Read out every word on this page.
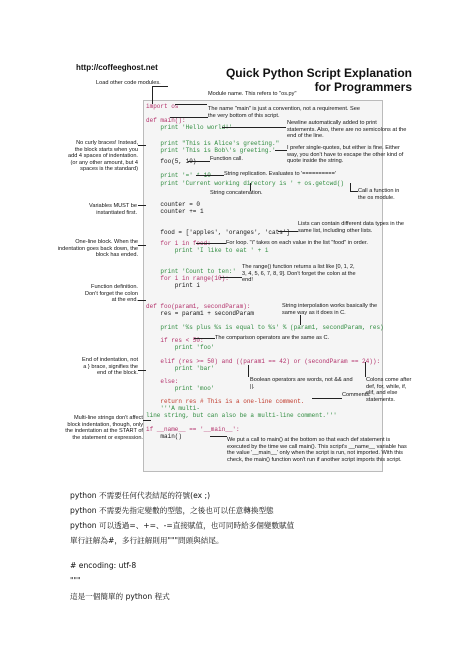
http://coffeeghost.net	Quick Python Script Explanation
for Programmers
import os
def main():
print 'Hello world!'
print "This is Alice's greeting."
print 'This is Bob\'s greeting.'
foo(5, 10)
print '=' * 10
print 'Current working directory is ' + os.getcwd()
counter = 0
counter += 1
food = ['apples', 'oranges', 'cats']
for i in food:
print 'I like to eat ' + i
print 'Count to ten:'
for i in range(10):
print i
def foo(param1, secondParam):
res = param1 + secondParam
print '%s plus %s is equal to %s' % (param1, secondParam, res)
if res < 50:
print 'foo'
elif (res >= 50) and ((param1 == 42) or (secondParam == 24)):
print 'bar'
else:
print 'moo'
return res # This is a one-line comment.
'''A multi-
line string, but can also be a multi-line comment.'''
if __name__ == '__main__':
main()
Load other code modules.
Module name. This refers to "os.py"
The name "main" is just a convention, not a requirement. See the very bottom of this script.
Newline automatically added to print statements. Also, there are no semicolons at the end of the line.
No curly braces! Instead, the block starts when you add 4 spaces of indentation. (or any other amount, but 4 spaces is the standard)
I prefer single-quotes, but either is fine. Either way, you don't have to escape the other kind of quote inside the string.
Function call.
String replication. Evaluates to '=========='
String concatenation.	Call a function in the os module.
Variables MUST be instantiated first.
Lists can contain different data types in the same list, including other lists.
For loop. "i" takes on each value in the list "food" in order.
One-line block. When the indentation goes back down, the block has ended.
The range() function returns a list like [0, 1, 2, 3, 4, 5, 6, 7, 8, 9]. Don't forget the colon at the end!
Function definition. Don't forget the colon at the end.
String interpolation works basically the same way as it does in C.
The comparison operators are the same as C.
End of indentation, not a } brace, signifies the end of the block.
Boolean operators are words, not && and ||.
Colons come after def, for, while, if, elif, and else statements.
Comments.
Multi-line strings don't affect block indentation, though, only the indentation at the START of the statement or expression.	We put a call to main() at the bottom so that each def statement is executed by the time we call main(). This script's __name__ variable has the value '__main__' only when the script is run, not imported. With this check, the main() function won't run if another script imports this script.
python 不需要任何代表結尾的符號(ex ;)
python 不需要先指定變數的型態，之後也可以任意轉換型態
python 可以透過=、+=、-=直接賦值，也可同時給多個變數賦值
單行註解為#，多行註解則用"""問頭與結尾。
# encoding: utf-8
"""
這是一個簡單的 python 程式
